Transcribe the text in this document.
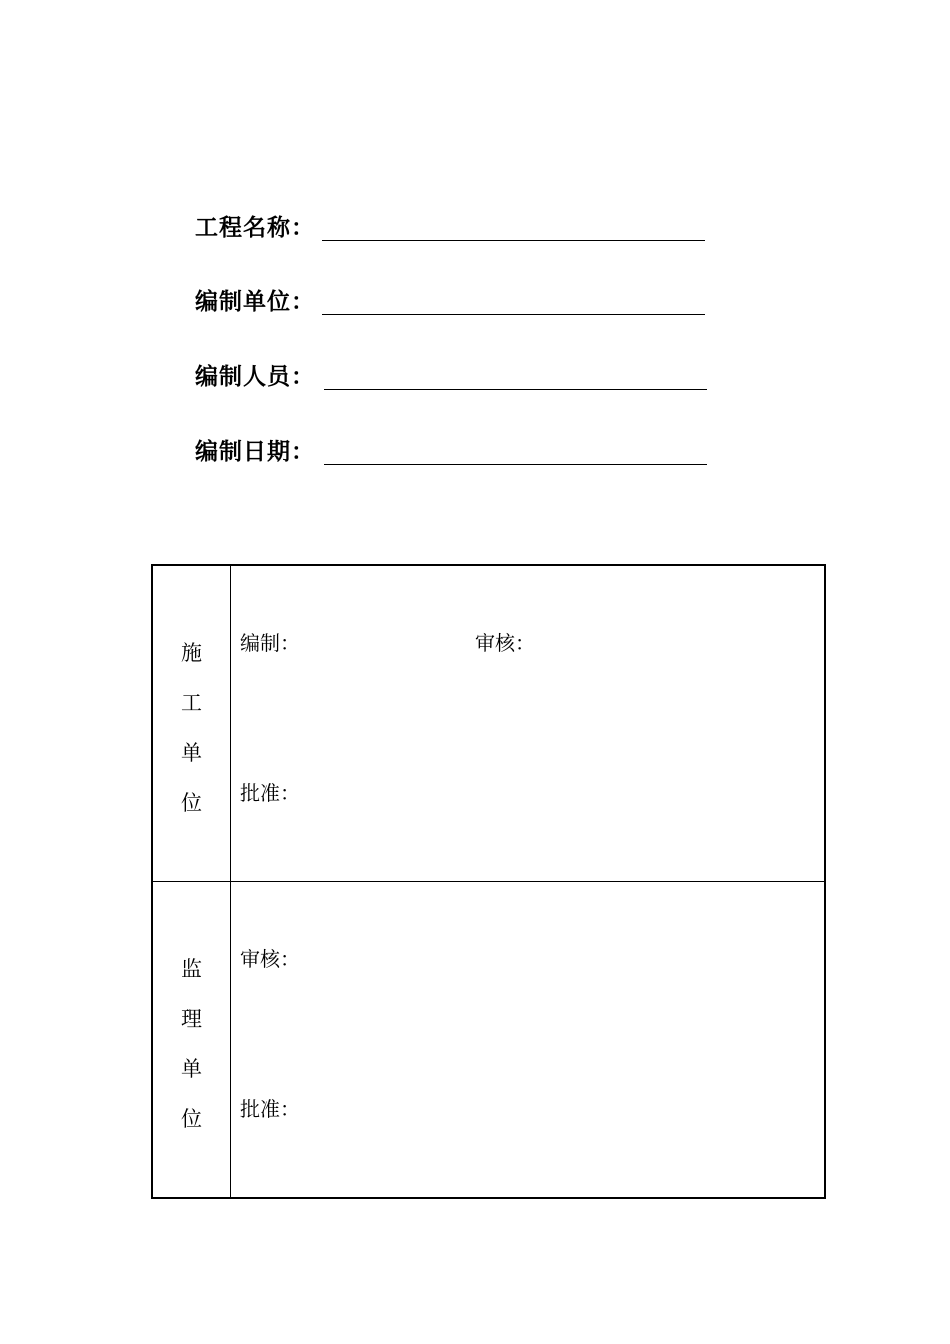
工程名称：
编制单位：
编制人员：
编制日期：
施
工
单
位
编制：	审核：
批准：
监
理
单
位
审核：
批准：
